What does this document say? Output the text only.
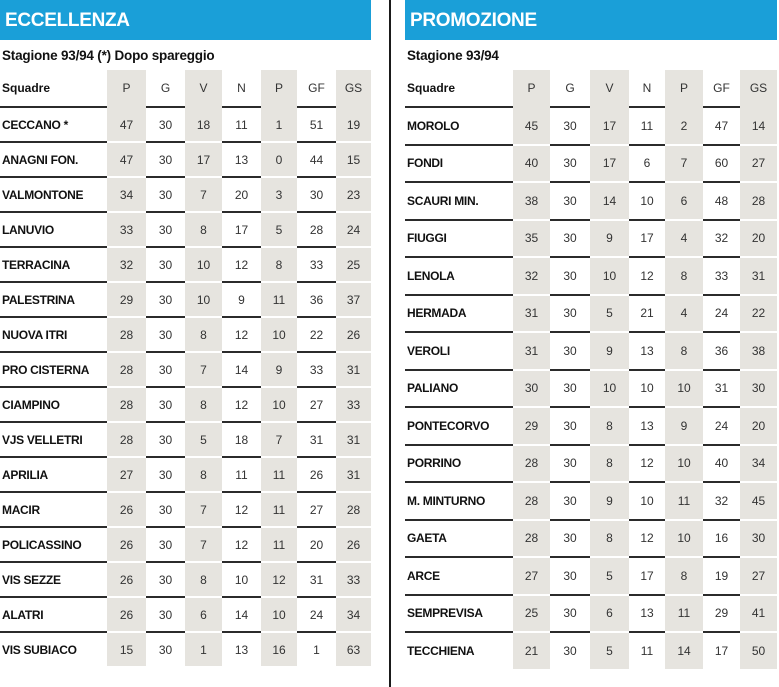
ECCELLENZA
Stagione 93/94 (*) Dopo spareggio
Squadre	P	G	V	N	P	GF	GS
CECCANO *	47	30	18	11	1	51	19
ANAGNI FON.	47	30	17	13	0	44	15
VALMONTONE	34	30	7	20	3	30	23
LANUVIO	33	30	8	17	5	28	24
TERRACINA	32	30	10	12	8	33	25
PALESTRINA	29	30	10	9	11	36	37
NUOVA ITRI	28	30	8	12	10	22	26
PRO CISTERNA	28	30	7	14	9	33	31
CIAMPINO	28	30	8	12	10	27	33
VJS VELLETRI	28	30	5	18	7	31	31
APRILIA	27	30	8	11	11	26	31
MACIR	26	30	7	12	11	27	28
POLICASSINO	26	30	7	12	11	20	26
VIS SEZZE	26	30	8	10	12	31	33
ALATRI	26	30	6	14	10	24	34
VIS SUBIACO	15	30	1	13	16	1	63
PROMOZIONE
Stagione 93/94
Squadre	P	G	V	N	P	GF	GS
MOROLO	45	30	17	11	2	47	14
FONDI	40	30	17	6	7	60	27
SCAURI MIN.	38	30	14	10	6	48	28
FIUGGI	35	30	9	17	4	32	20
LENOLA	32	30	10	12	8	33	31
HERMADA	31	30	5	21	4	24	22
VEROLI	31	30	9	13	8	36	38
PALIANO	30	30	10	10	10	31	30
PONTECORVO	29	30	8	13	9	24	20
PORRINO	28	30	8	12	10	40	34
M. MINTURNO	28	30	9	10	11	32	45
GAETA	28	30	8	12	10	16	30
ARCE	27	30	5	17	8	19	27
SEMPREVISA	25	30	6	13	11	29	41
TECCHIENA	21	30	5	11	14	17	50
